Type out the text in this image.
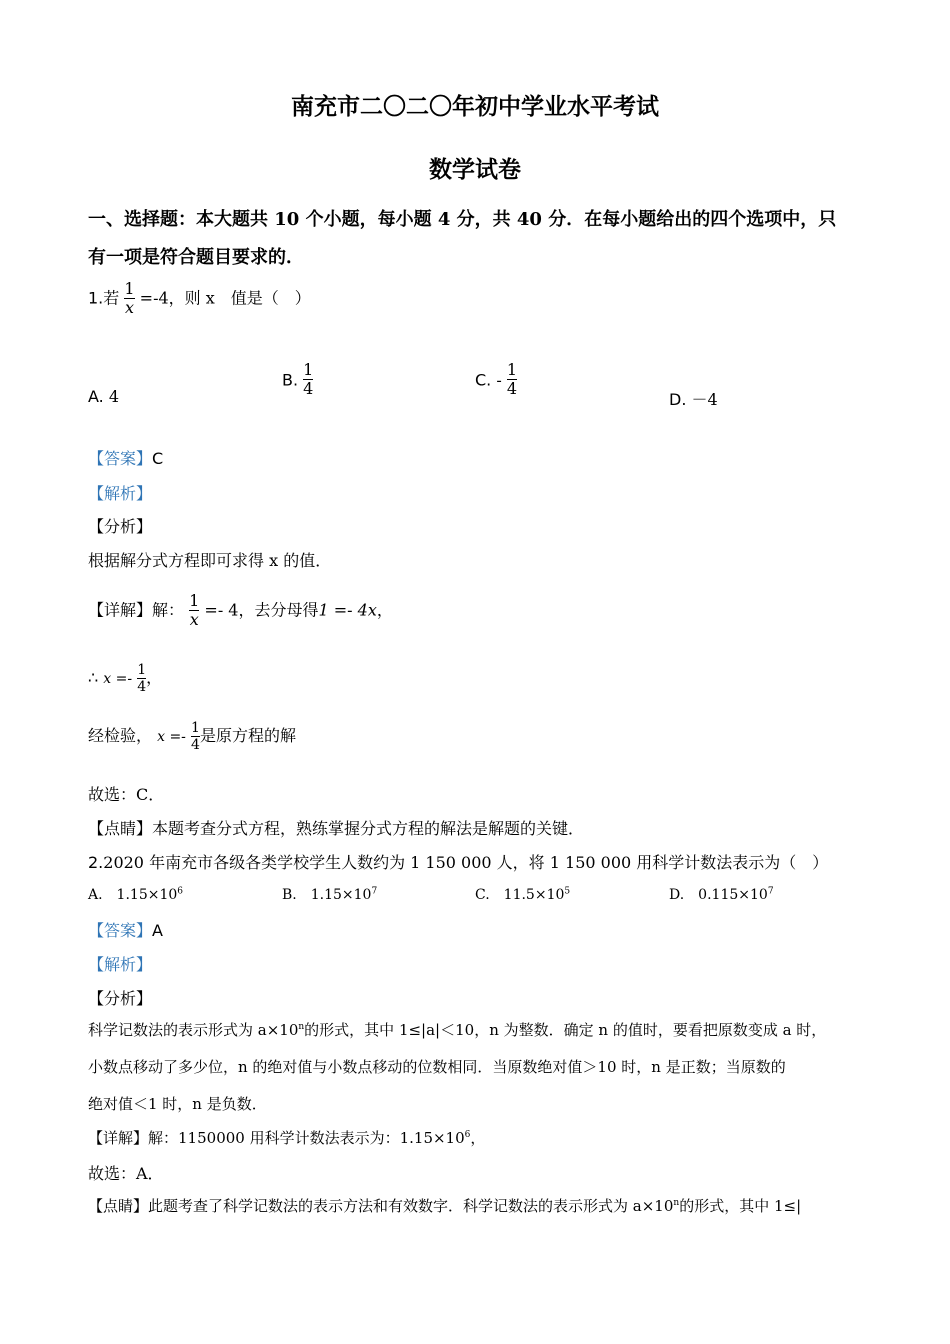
南充市二〇二〇年初中学业水平考试
数学试卷
一、选择题：本大题共 10 个小题，每小题 4 分，共 40 分．在每小题给出的四个选项中，只
有一项是符合题目要求的．
1.若 $\frac{1}{x} =-4$，则 x　值是（　）
A. 4
B. $\frac{1}{4}$	C. - $\frac{1}{4}$
D. －4
【答案】C
【解析】
【分析】
根据解分式方程即可求得 x 的值．
【详解】解： $\frac{1}{x} =- 4$，去分母得1 =- 4x，
∴ $x =- \frac{1}{4}$ ，
经检验， $x =- \frac{1}{4}$ 是原方程的解
故选：C．
【点睛】本题考查分式方程，熟练掌握分式方程的解法是解题的关键．
2.2020 年南充市各级各类学校学生人数约为 1 150 000 人，将 1 150 000 用科学计数法表示为（　）
A.　$1.15\times 10^6$	B.　$1.15\times 10^7$	C.　$11.5\times 10^5$	D.　$0.115\times 10^7$
【答案】A
【解析】
【分析】
科学记数法的表示形式为 $a\times 10^n$的形式，其中 1≤|a|＜10，n 为整数．确定 n 的值时，要看把原数变成 a 时，
小数点移动了多少位，n 的绝对值与小数点移动的位数相同．当原数绝对值＞10 时，n 是正数；当原数的
绝对值＜1 时，n 是负数．
【详解】解：1150000 用科学计数法表示为：$1.15\times 10^6$，
故选：A．
【点睛】此题考查了科学记数法的表示方法和有效数字．科学记数法的表示形式为 $a\times 10^n$的形式，其中 1≤|
